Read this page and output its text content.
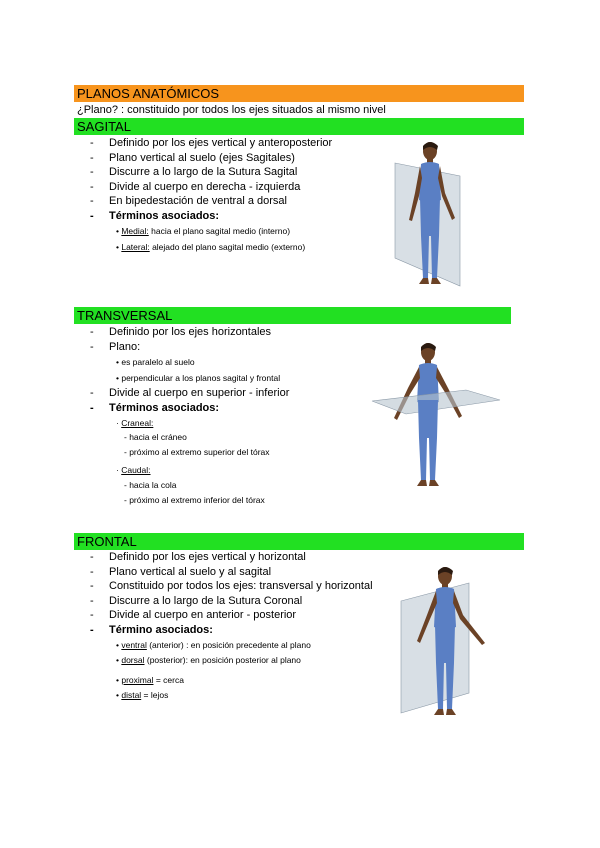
PLANOS ANATÓMICOS
¿Plano? : constituido por todos los ejes situados al mismo nivel
SAGITAL
- Definido por los ejes vertical y anteroposterior
- Plano vertical al suelo (ejes Sagitales)
- Discurre a lo largo de la Sutura Sagital
- Divide al cuerpo en derecha - izquierda
- En bipedestación de ventral a dorsal
- Términos asociados:
• Medial: hacia el plano sagital medio (interno)
• Lateral: alejado del plano sagital medio (externo)
TRANSVERSAL
- Definido por los ejes horizontales
- Plano:
• es paralelo al suelo
• perpendicular a los planos sagital y frontal
- Divide al cuerpo en superior - inferior
- Términos asociados:
· Craneal:
- hacia el cráneo
- próximo al extremo superior del tórax
· Caudal:
- hacia la cola
- próximo al extremo inferior del tórax
FRONTAL
- Definido por los ejes vertical y horizontal
- Plano vertical al suelo y al sagital
- Constituido por todos los ejes: transversal y horizontal
- Discurre a lo largo de la Sutura Coronal
- Divide al cuerpo en anterior - posterior
- Término asociados:
• ventral (anterior) : en posición precedente al plano
• dorsal (posterior): en posición posterior al plano
• proximal = cerca
• distal = lejos
